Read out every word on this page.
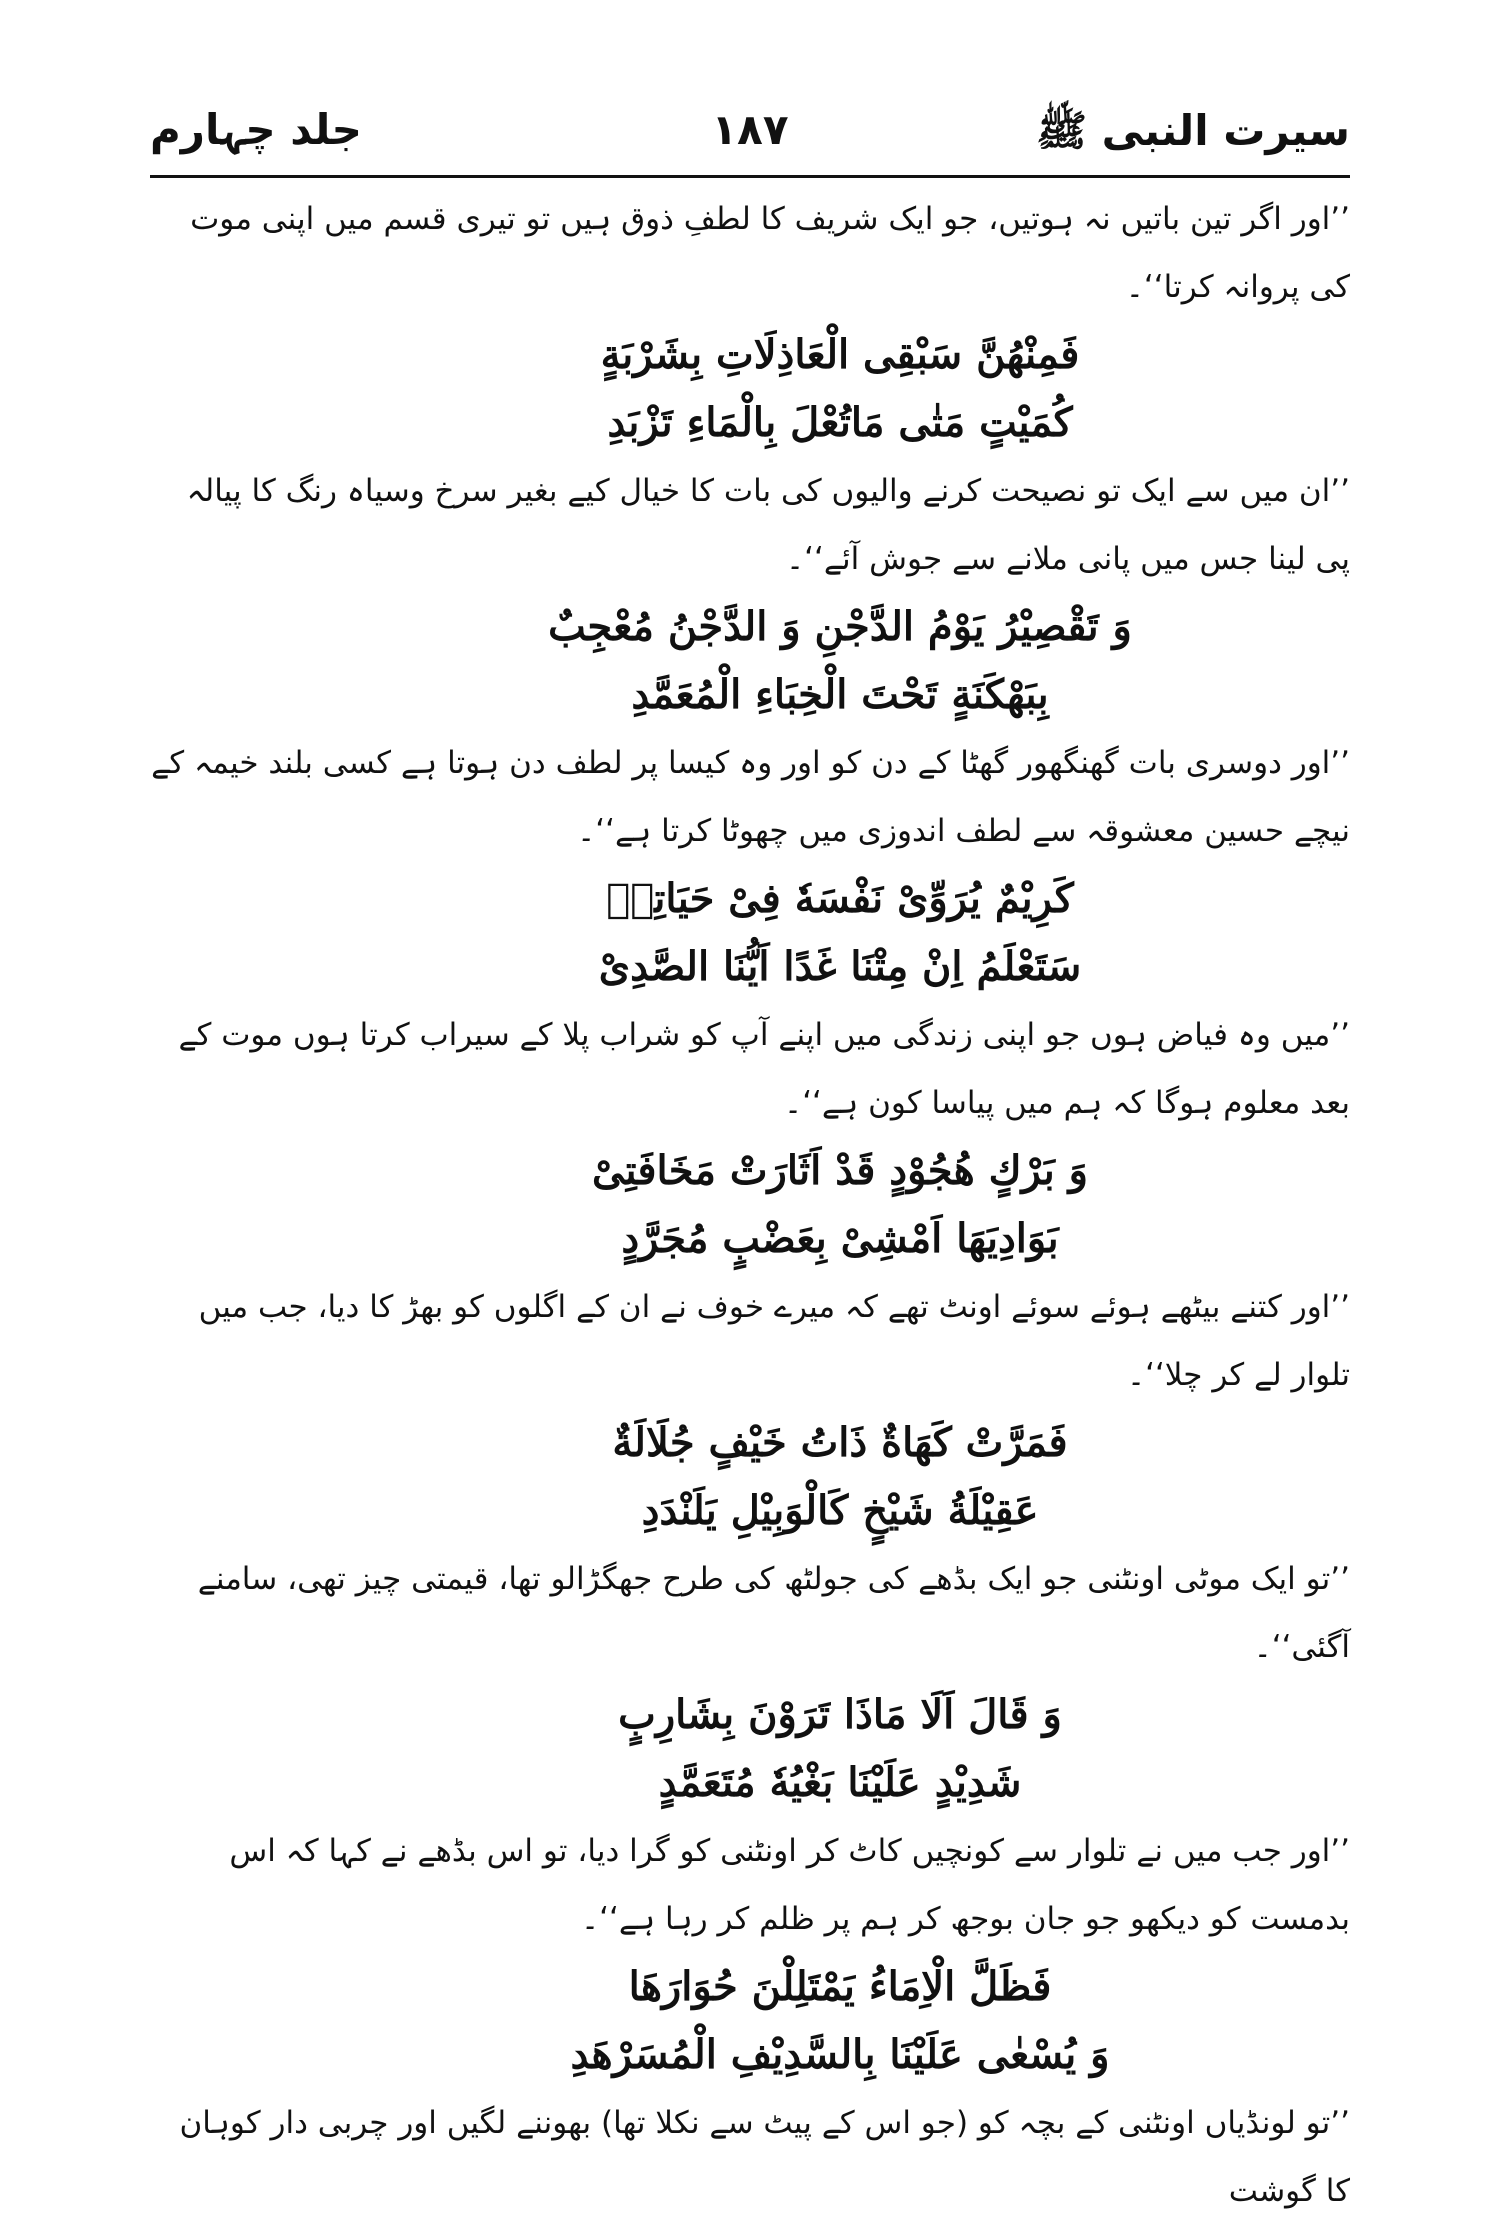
سیرت النبی ﷺ
۱۸۷
جلد چہارم

’’اور اگر تین باتیں نہ ہوتیں، جو ایک شریف کا لطفِ ذوق ہیں تو تیری قسم میں اپنی موت کی پروانہ کرتا‘‘۔

فَمِنْهُنَّ سَبْقِى الْعَاذِلَاتِ بِشَرْبَةٍ

كُمَيْتٍ مَتٰى مَاتُعْلَ بِالْمَاءِ تَزْبَدِ

’’ان میں سے ایک تو نصیحت کرنے والیوں کی بات کا خیال کیے بغیر سرخ وسیاہ رنگ کا پیالہ پی لینا جس میں پانی ملانے سے جوش آئے‘‘۔

وَ تَقْصِيْرُ يَوْمُ الدَّجْنِ وَ الدَّجْنُ مُعْجِبٌ

بِبَهْكَنَةٍ تَحْتَ الْخِبَاءِ الْمُعَمَّدِ

’’اور دوسری بات گھنگھور گھٹا کے دن کو اور وہ کیسا پر لطف دن ہوتا ہے کسی بلند خیمہ کے نیچے حسین معشوقہ سے لطف اندوزی میں چھوٹا کرتا ہے‘‘۔

كَرِيْمٌ يُرَوِّىْ نَفْسَهٗ فِىْ حَيَاتِهٖ

سَتَعْلَمُ اِنْ مِتْنَا غَدًا اَيُّنَا الصَّدِىْ

’’میں وہ فیاض ہوں جو اپنی زندگی میں اپنے آپ کو شراب پلا کے سیراب کرتا ہوں موت کے بعد معلوم ہوگا کہ ہم میں پیاسا کون ہے‘‘۔

وَ بَرْكٍ هُجُوْدٍ قَدْ اَثَارَتْ مَخَافَتِىْ

بَوَادِيَهَا اَمْشِىْ بِعَضْبٍ مُجَرَّدٍ

’’اور کتنے بیٹھے ہوئے سوئے اونٹ تھے کہ میرے خوف نے ان کے اگلوں کو بھڑ کا دیا، جب میں تلوار لے کر چلا‘‘۔

فَمَرَّتْ كَهَاةٌ ذَاتُ خَيْفٍ جُلَالَةٌ

عَقِيْلَةُ شَيْخٍ كَالْوَبِيْلِ يَلَنْدَدِ

’’تو ایک موٹی اونٹنی جو ایک بڈھے کی جولٹھ کی طرح جھگڑالو تھا، قیمتی چیز تھی، سامنے آگئی‘‘۔

وَ قَالَ اَلَا مَاذَا تَرَوْنَ بِشَارِبٍ

شَدِيْدٍ عَلَيْنَا بَغْيُهٗ مُتَعَمَّدٍ

’’اور جب میں نے تلوار سے کونچیں کاٹ کر اونٹنی کو گرا دیا، تو اس بڈھے نے کہا کہ اس بدمست کو دیکھو جو جان بوجھ کر ہم پر ظلم کر رہا ہے‘‘۔

فَظَلَّ الْاِمَاءُ يَمْتَلِلْنَ حُوَارَهَا

وَ يُسْعٰى عَلَيْنَا بِالسَّدِيْفِ الْمُسَرْهَدِ

’’تو لونڈیاں اونٹنی کے بچہ کو (جو اس کے پیٹ سے نکلا تھا) بھوننے لگیں اور چربی دار کوہان کا گوشت
